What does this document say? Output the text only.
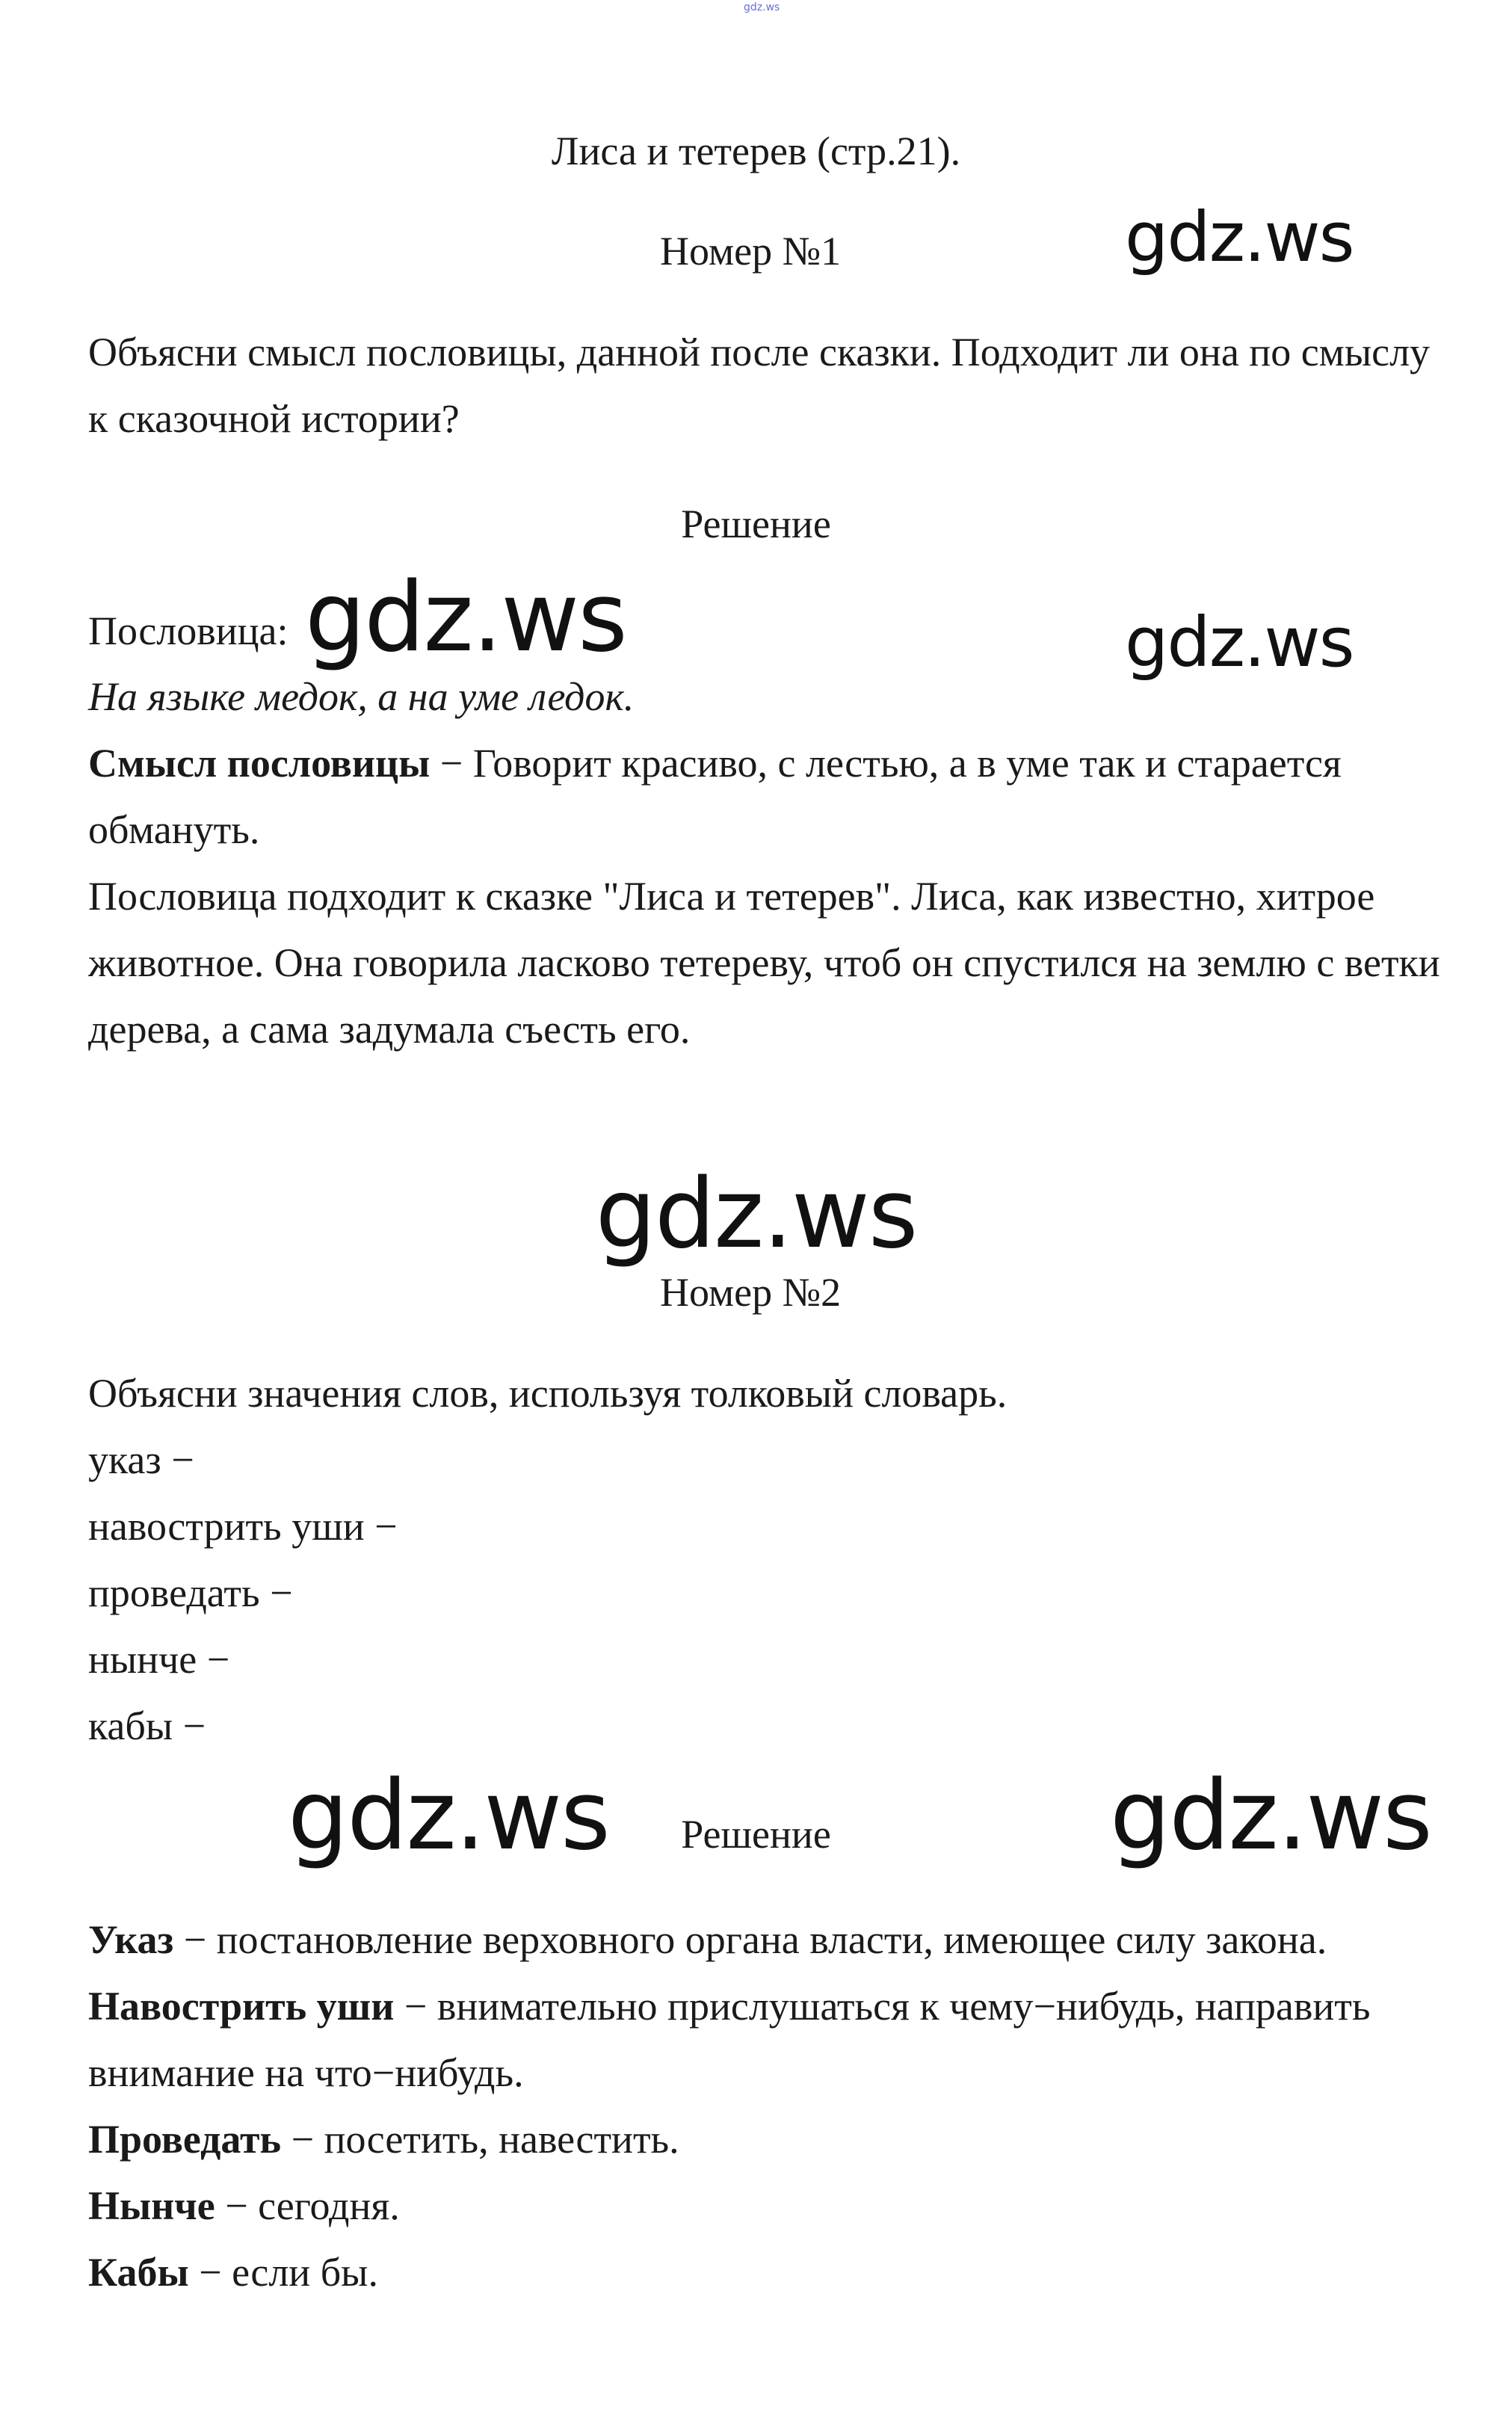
gdz.ws
Лиса и тетерев (стр.21).
Номер №1	gdz.ws

Объясни смысл пословицы, данной после сказки. Подходит ли она по смыслу к сказочной истории?

Решение
Пословица: gdz.ws	gdz.ws

На языке медок, а на уме ледок.

Смысл пословицы − Говорит красиво, с лестью, а в уме так и старается обмануть.

Пословица подходит к сказке "Лиса и тетерев". Лиса, как известно, хитрое животное. Она говорила ласково тетереву, чтоб он спустился на землю с ветки дерева, а сама задумала съесть его.

gdz.ws
Номер №2

Объясни значения слов, используя толковый словарь.

указ −

навострить уши −

проведать −

нынче −

кабы −

gdz.ws	Решение	gdz.ws

Указ − постановление верховного органа власти, имеющее силу закона.

Навострить уши − внимательно прислушаться к чему−нибудь, направить внимание на что−нибудь.

Проведать − посетить, навестить.

Нынче − сегодня.

Кабы − если бы.
